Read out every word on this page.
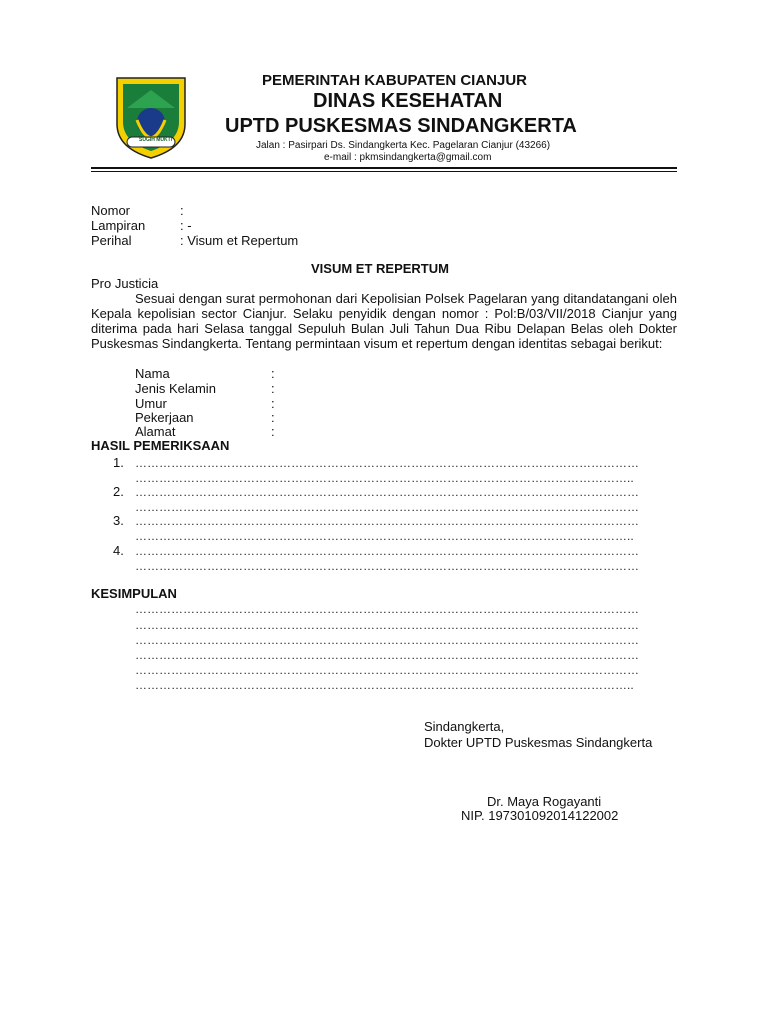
SUGIH MUKTI
PEMERINTAH KABUPATEN CIANJUR
DINAS KESEHATAN
UPTD PUSKESMAS SINDANGKERTA
Jalan : Pasirpari Ds. Sindangkerta Kec. Pagelaran Cianjur (43266)
e-mail : pkmsindangkerta@gmail.com
Nomor	:
Lampiran	: -
Perihal	: Visum et Repertum
VISUM ET REPERTUM
Pro Justicia
Sesuai dengan surat permohonan dari Kepolisian Polsek Pagelaran yang ditandatangani oleh Kepala kepolisian sector Cianjur. Selaku penyidik dengan nomor : Pol:B/03/VII/2018 Cianjur yang diterima pada hari Selasa tanggal Sepuluh Bulan Juli Tahun Dua Ribu Delapan Belas oleh Dokter Puskesmas Sindangkerta. Tentang permintaan visum et repertum dengan identitas sebagai berikut:
Nama	:
Jenis Kelamin	:
Umur	:
Pekerjaan	:
Alamat	:
HASIL PEMERIKSAAN
1. ………………………………………………………………………………………………………………
……………………………………………………………………………………………………………..
2. ………………………………………………………………………………………………………………
………………………………………………………………………………………………………………
3. ………………………………………………………………………………………………………………
……………………………………………………………………………………………………………..
4. ………………………………………………………………………………………………………………
………………………………………………………………………………………………………………
KESIMPULAN
………………………………………………………………………………………………………………
………………………………………………………………………………………………………………
………………………………………………………………………………………………………………
………………………………………………………………………………………………………………
………………………………………………………………………………………………………………
……………………………………………………………………………………………………………..
Sindangkerta,
Dokter UPTD Puskesmas Sindangkerta
Dr. Maya Rogayanti
NIP. 197301092014122002
